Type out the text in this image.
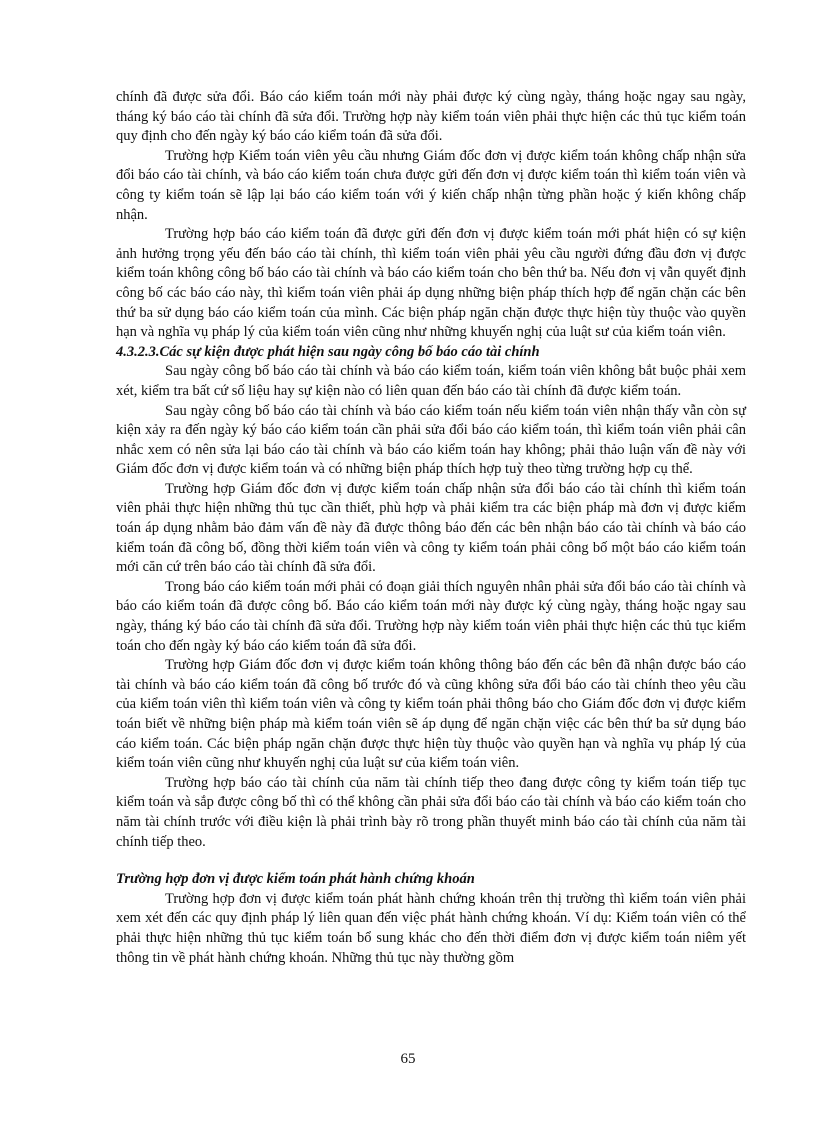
chính đã được sửa đổi. Báo cáo kiểm toán mới này phải được ký cùng ngày, tháng hoặc ngay sau ngày, tháng ký báo cáo tài chính đã sửa đổi. Trường hợp này kiểm toán viên phải thực hiện các thủ tục kiểm toán quy định cho đến ngày ký báo cáo kiểm toán đã sửa đổi.

Trường hợp Kiểm toán viên yêu cầu nhưng Giám đốc đơn vị được kiểm toán không chấp nhận sửa đổi báo cáo tài chính, và báo cáo kiểm toán chưa được gửi đến đơn vị được kiểm toán thì kiểm toán viên và công ty kiểm toán sẽ lập lại báo cáo kiểm toán với ý kiến chấp nhận từng phần hoặc ý kiến không chấp nhận.

Trường hợp báo cáo kiểm toán đã được gửi đến đơn vị được kiểm toán mới phát hiện có sự kiện ảnh hưởng trọng yếu đến báo cáo tài chính, thì kiểm toán viên phải yêu cầu người đứng đầu đơn vị được kiểm toán không công bố báo cáo tài chính và báo cáo kiểm toán cho bên thứ ba. Nếu đơn vị vẫn quyết định công bố các báo cáo này, thì kiểm toán viên phải áp dụng những biện pháp thích hợp để ngăn chặn các bên thứ ba sử dụng báo cáo kiểm toán của mình. Các biện pháp ngăn chặn được thực hiện tùy thuộc vào quyền hạn và nghĩa vụ pháp lý của kiểm toán viên cũng như những khuyến nghị của luật sư của kiểm toán viên.

4.3.2.3.Các sự kiện được phát hiện sau ngày công bố báo cáo tài chính

Sau ngày công bố báo cáo tài chính và báo cáo kiểm toán, kiểm toán viên không bắt buộc phải xem xét, kiểm tra bất cứ số liệu hay sự kiện nào có liên quan đến báo cáo tài chính đã được kiểm toán.

Sau ngày công bố báo cáo tài chính và báo cáo kiểm toán nếu kiểm toán viên nhận thấy vẫn còn sự kiện xảy ra đến ngày ký báo cáo kiểm toán cần phải sửa đổi báo cáo kiểm toán, thì kiểm toán viên phải cân nhắc xem có nên sửa lại báo cáo tài chính và báo cáo kiểm toán hay không; phải thảo luận vấn đề này với Giám đốc đơn vị được kiểm toán và có những biện pháp thích hợp tuỳ theo từng trường hợp cụ thể.

Trường hợp Giám đốc đơn vị được kiểm toán chấp nhận sửa đổi báo cáo tài chính thì kiểm toán viên phải thực hiện những thủ tục cần thiết, phù hợp và phải kiểm tra các biện pháp mà đơn vị được kiểm toán áp dụng nhằm bảo đảm vấn đề này đã được thông báo đến các bên nhận báo cáo tài chính và báo cáo kiểm toán đã công bố, đồng thời kiểm toán viên và công ty kiểm toán phải công bố một báo cáo kiểm toán mới căn cứ trên báo cáo tài chính đã sửa đổi.

Trong báo cáo kiểm toán mới phải có đoạn giải thích nguyên nhân phải sửa đổi báo cáo tài chính và báo cáo kiểm toán đã được công bố. Báo cáo kiểm toán mới này được ký cùng ngày, tháng hoặc ngay sau ngày, tháng ký báo cáo tài chính đã sửa đổi. Trường hợp này kiểm toán viên phải thực hiện các thủ tục kiểm toán cho đến ngày ký báo cáo kiểm toán đã sửa đổi.

Trường hợp Giám đốc đơn vị được kiểm toán không thông báo đến các bên đã nhận được báo cáo tài chính và báo cáo kiểm toán đã công bố trước đó và cũng không sửa đổi báo cáo tài chính theo yêu cầu của kiểm toán viên thì kiểm toán viên và công ty kiểm toán phải thông báo cho Giám đốc đơn vị được kiểm toán biết về những biện pháp mà kiểm toán viên sẽ áp dụng để ngăn chặn việc các bên thứ ba sử dụng báo cáo kiểm toán. Các biện pháp ngăn chặn được thực hiện tùy thuộc vào quyền hạn và nghĩa vụ pháp lý của kiểm toán viên cũng như khuyến nghị của luật sư của kiểm toán viên.

Trường hợp báo cáo tài chính của năm tài chính tiếp theo đang được công ty kiểm toán tiếp tục kiểm toán và sắp được công bố thì có thể không cần phải sửa đổi báo cáo tài chính và báo cáo kiểm toán cho năm tài chính trước với điều kiện là phải trình bày rõ trong phần thuyết minh báo cáo tài chính của năm tài chính tiếp theo.

Trường hợp đơn vị được kiểm toán phát hành chứng khoán

Trường hợp đơn vị được kiểm toán phát hành chứng khoán trên thị trường thì kiểm toán viên phải xem xét đến các quy định pháp lý liên quan đến việc phát hành chứng khoán. Ví dụ: Kiểm toán viên có thể phải thực hiện những thủ tục kiểm toán bổ sung khác cho đến thời điểm đơn vị được kiểm toán niêm yết thông tin về phát hành chứng khoán. Những thủ tục này thường gồm

65
